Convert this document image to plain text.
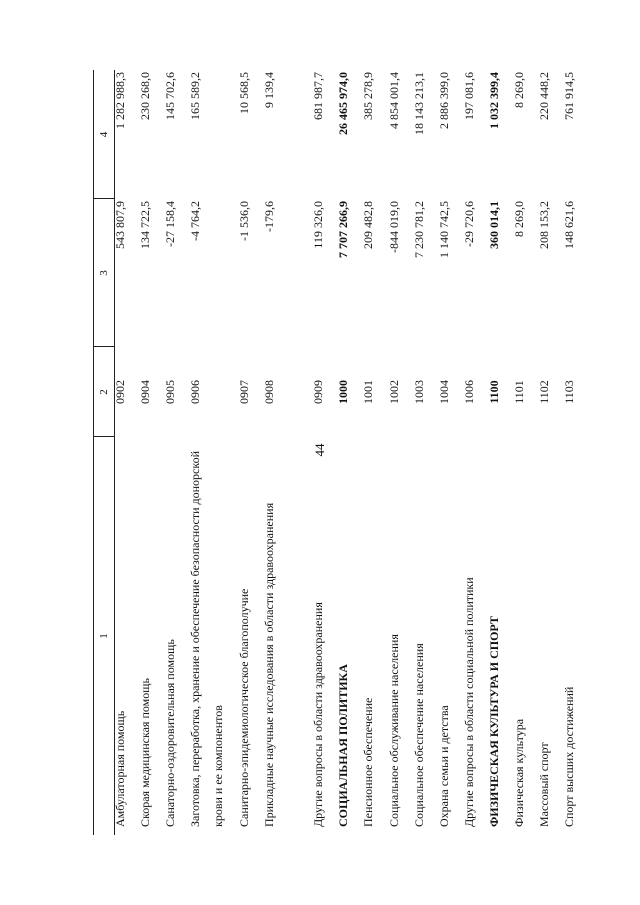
44
1
2
3
4
Амбулаторная помощь
0902
543 807,9
1 282 988,3
Скорая медицинская помощь
0904
134 722,5
230 268,0
Санаторно-оздоровительная помощь
0905
-27 158,4
145 702,6
Заготовка, переработка, хранение и обеспечение безопасности донорской крови и ее компонентов
0906
-4 764,2
165 589,2
Санитарно-эпидемиологическое благополучие
0907
-1 536,0
10 568,5
Прикладные научные исследования в области здравоохранения
0908
-179,6
9 139,4
Другие вопросы в области здравоохранения
0909
119 326,0
681 987,7
СОЦИАЛЬНАЯ ПОЛИТИКА
1000
7 707 266,9
26 465 974,0
Пенсионное обеспечение
1001
209 482,8
385 278,9
Социальное обслуживание населения
1002
-844 019,0
4 854 001,4
Социальное обеспечение населения
1003
7 230 781,2
18 143 213,1
Охрана семьи и детства
1004
1 140 742,5
2 886 399,0
Другие вопросы в области социальной политики
1006
-29 720,6
197 081,6
ФИЗИЧЕСКАЯ КУЛЬТУРА И СПОРТ
1100
360 014,1
1 032 399,4
Физическая культура
1101
8 269,0
8 269,0
Массовый спорт
1102
208 153,2
220 448,2
Спорт высших достижений
1103
148 621,6
761 914,5
